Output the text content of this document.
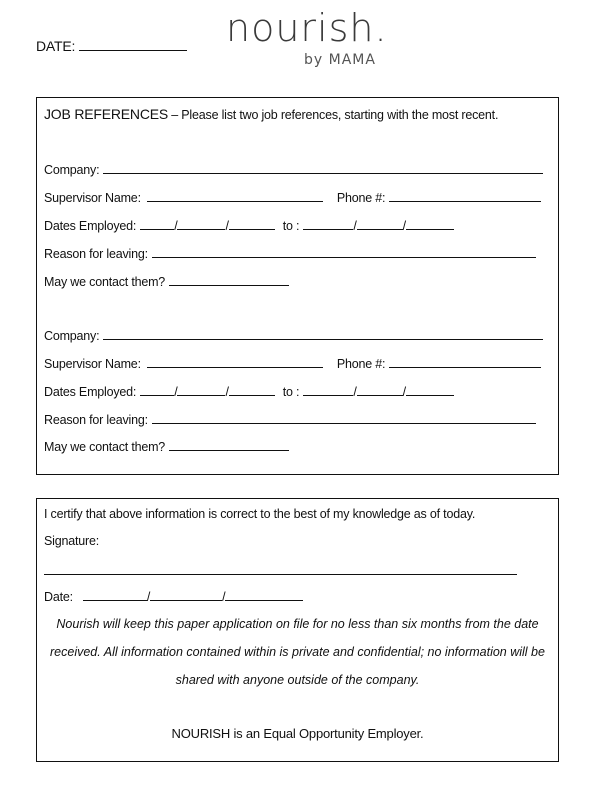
DATE:	nourish.
by MAMA
JOB REFERENCES – Please list two job references, starting with the most recent.
Company:
Supervisor Name:	Phone #:
Dates Employed:	/	/	to :	/	/
Reason for leaving:
May we contact them?
Company:
Supervisor Name:	Phone #:
Dates Employed:	/	/	to :	/	/
Reason for leaving:
May we contact them?
I certify that above information is correct to the best of my knowledge as of today.
Signature:
Date:	/	/
Nourish will keep this paper application on file for no less than six months from the date
received. All information contained within is private and confidential; no information will be
shared with anyone outside of the company.
NOURISH is an Equal Opportunity Employer.
